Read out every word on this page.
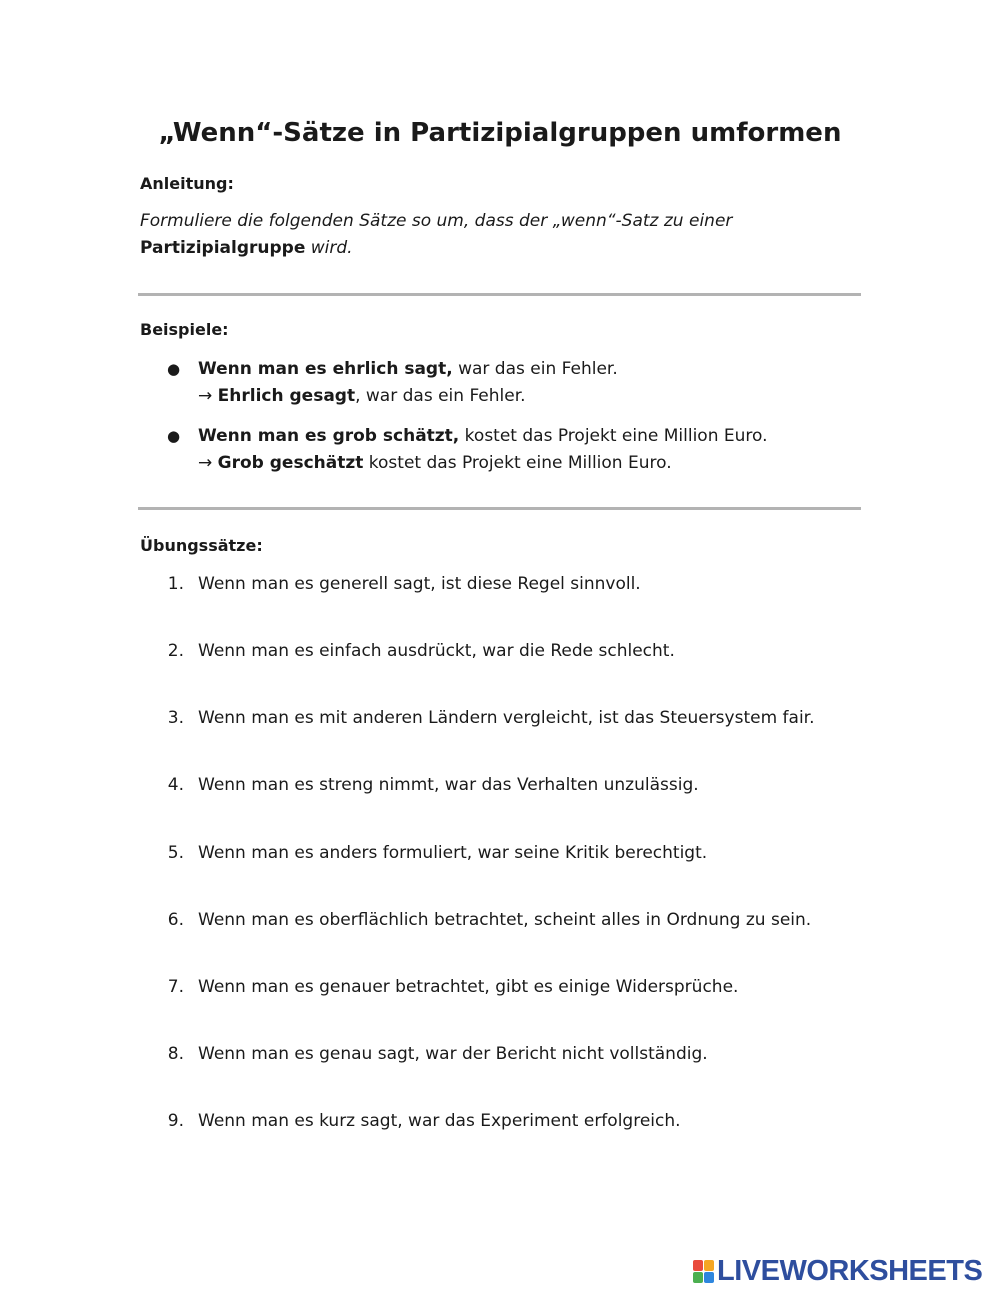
„Wenn“-Sätze in Partizipialgruppen umformen

Anleitung:

Formuliere die folgenden Sätze so um, dass der „wenn“-Satz zu einer
Partizipialgruppe wird.

Beispiele:

● Wenn man es ehrlich sagt, war das ein Fehler.
→ Ehrlich gesagt, war das ein Fehler.
● Wenn man es grob schätzt, kostet das Projekt eine Million Euro.
→ Grob geschätzt kostet das Projekt eine Million Euro.

Übungssätze:

1. Wenn man es generell sagt, ist diese Regel sinnvoll.
2. Wenn man es einfach ausdrückt, war die Rede schlecht.
3. Wenn man es mit anderen Ländern vergleicht, ist das Steuersystem fair.
4. Wenn man es streng nimmt, war das Verhalten unzulässig.
5. Wenn man es anders formuliert, war seine Kritik berechtigt.
6. Wenn man es oberflächlich betrachtet, scheint alles in Ordnung zu sein.
7. Wenn man es genauer betrachtet, gibt es einige Widersprüche.
8. Wenn man es genau sagt, war der Bericht nicht vollständig.
9. Wenn man es kurz sagt, war das Experiment erfolgreich.
LIVEWORKSHEETS
